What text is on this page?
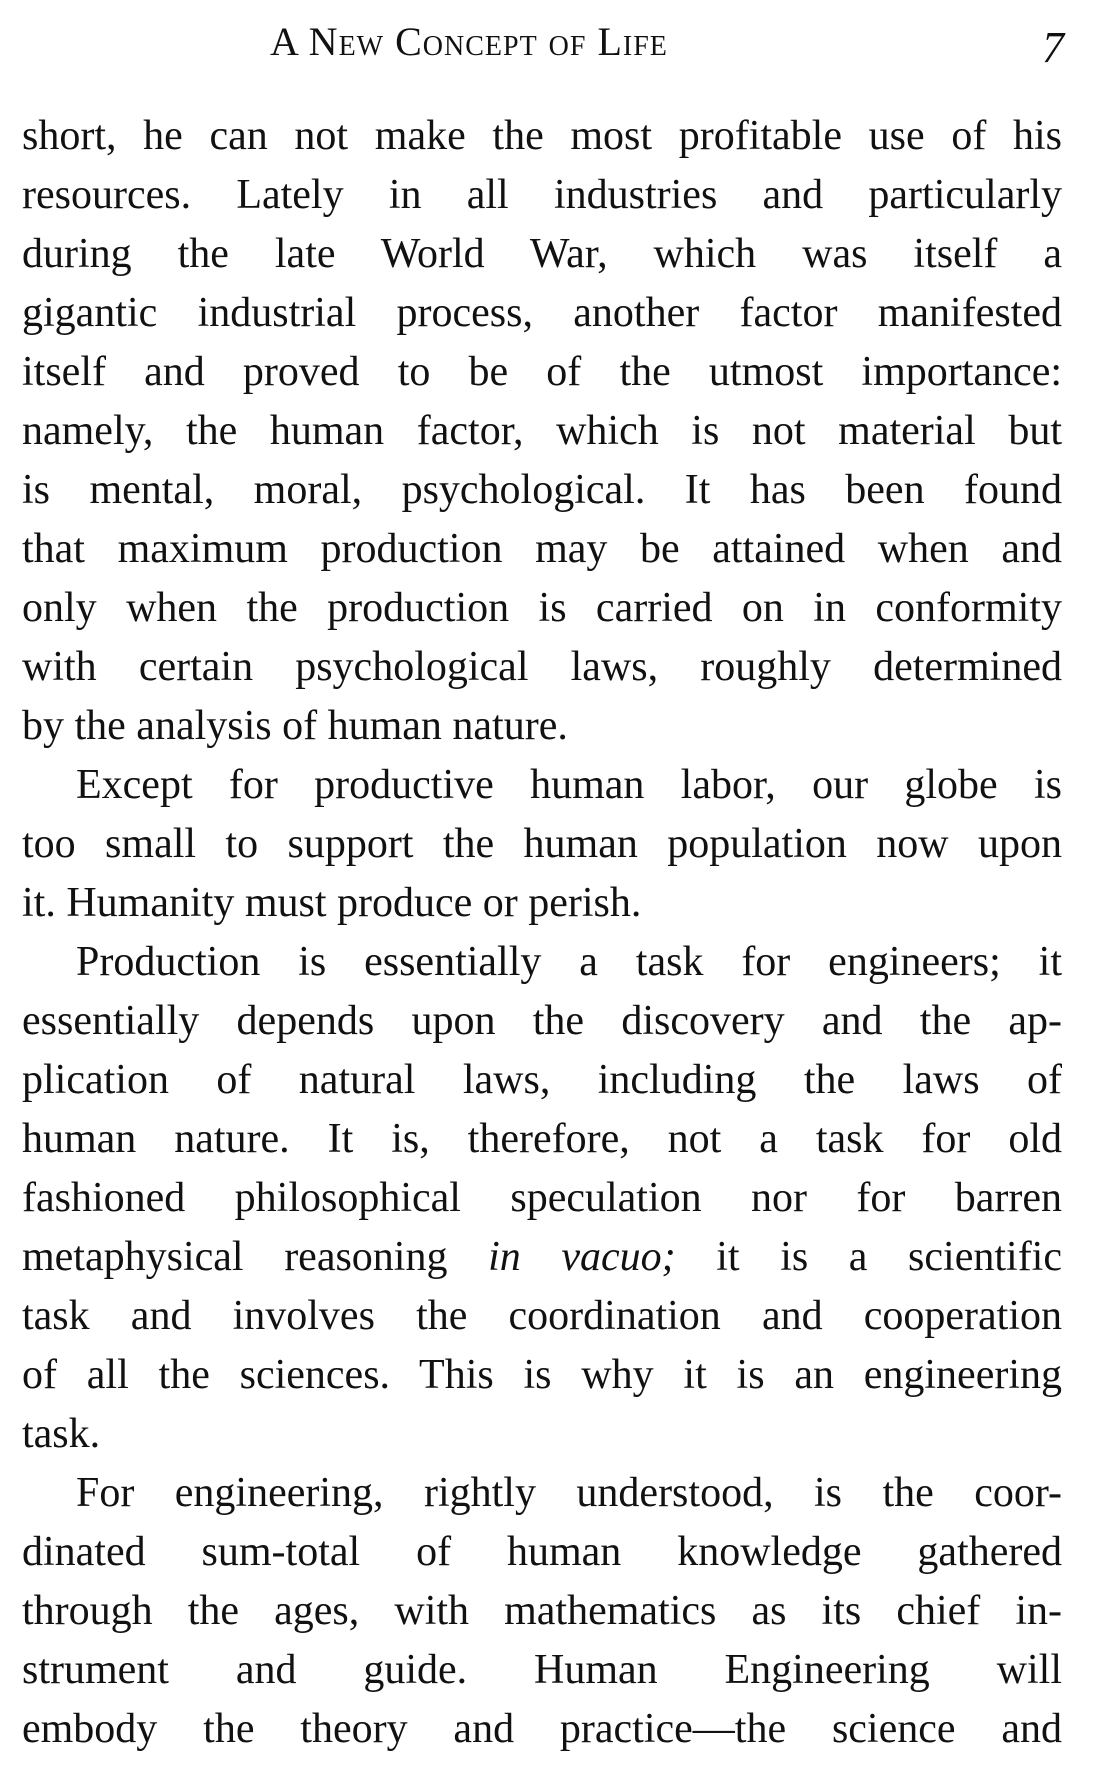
A New Concept of Life	7
short, he can not make the most profitable use of his
resources. Lately in all industries and particularly
during the late World War, which was itself a
gigantic industrial process, another factor manifested
itself and proved to be of the utmost importance:
namely, the human factor, which is not material but
is mental, moral, psychological. It has been found
that maximum production may be attained when and
only when the production is carried on in conformity
with certain psychological laws, roughly determined
by the analysis of human nature.
Except for productive human labor, our globe is
too small to support the human population now upon
it. Humanity must produce or perish.
Production is essentially a task for engineers; it
essentially depends upon the discovery and the ap-
plication of natural laws, including the laws of
human nature. It is, therefore, not a task for old
fashioned philosophical speculation nor for barren
metaphysical reasoning in vacuo; it is a scientific
task and involves the coordination and cooperation
of all the sciences. This is why it is an engineering
task.
For engineering, rightly understood, is the coor-
dinated sum-total of human knowledge gathered
through the ages, with mathematics as its chief in-
strument and guide. Human Engineering will
embody the theory and practice—the science and
